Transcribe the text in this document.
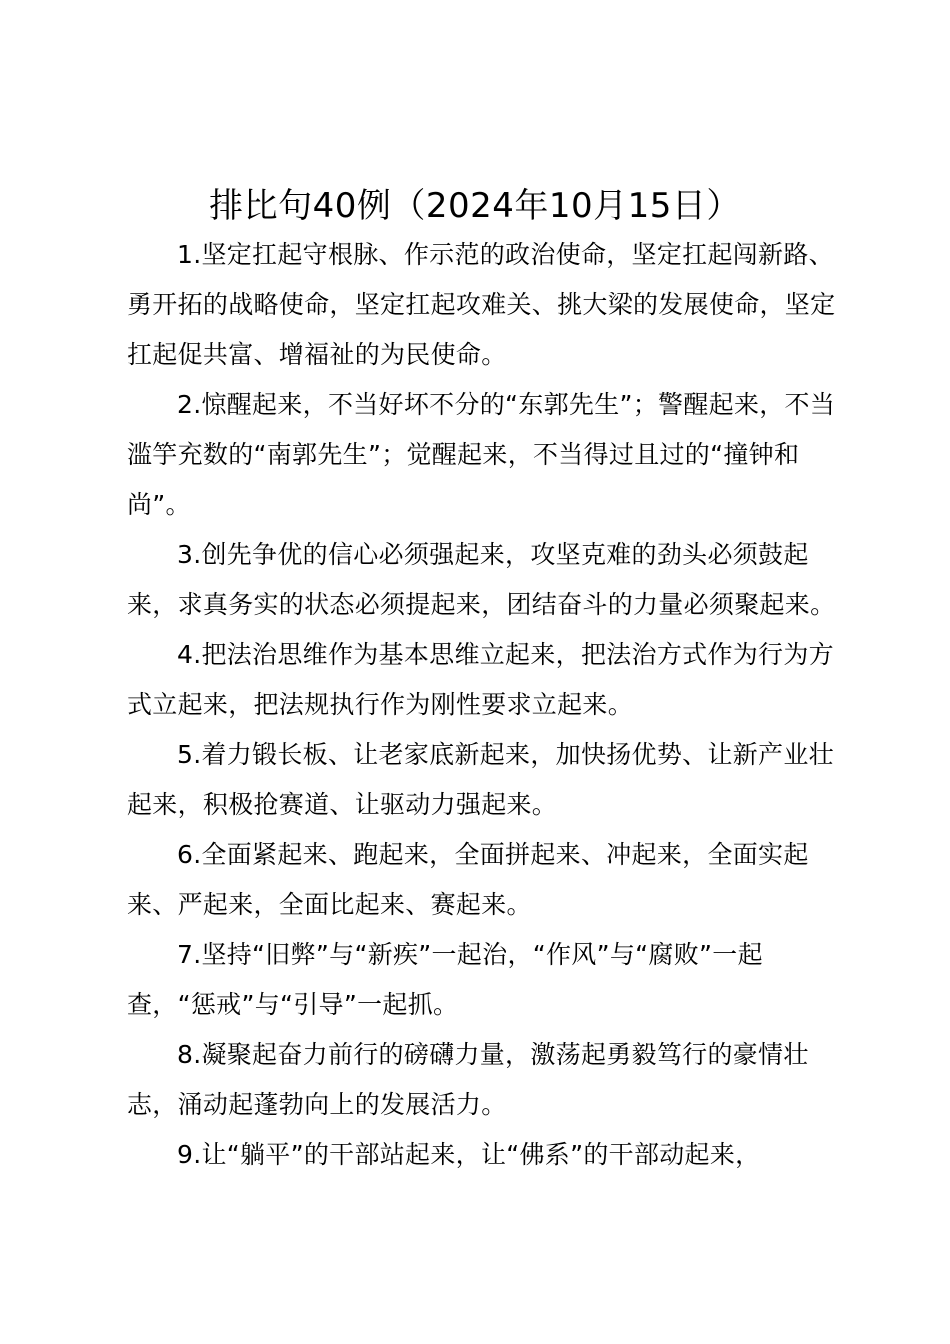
排比句40例（2024年10月15日）

1.坚定扛起守根脉、作示范的政治使命，坚定扛起闯新路、勇开拓的战略使命，坚定扛起攻难关、挑大梁的发展使命，坚定扛起促共富、增福祉的为民使命。

2.惊醒起来，不当好坏不分的“东郭先生”；警醒起来，不当滥竽充数的“南郭先生”；觉醒起来，不当得过且过的“撞钟和尚”。

3.创先争优的信心必须强起来，攻坚克难的劲头必须鼓起来，求真务实的状态必须提起来，团结奋斗的力量必须聚起来。

4.把法治思维作为基本思维立起来，把法治方式作为行为方式立起来，把法规执行作为刚性要求立起来。

5.着力锻长板、让老家底新起来，加快扬优势、让新产业壮起来，积极抢赛道、让驱动力强起来。

6.全面紧起来、跑起来，全面拼起来、冲起来，全面实起来、严起来，全面比起来、赛起来。

7.坚持“旧弊”与“新疾”一起治，“作风”与“腐败”一起查，“惩戒”与“引导”一起抓。

8.凝聚起奋力前行的磅礴力量，激荡起勇毅笃行的豪情壮志，涌动起蓬勃向上的发展活力。

9.让“躺平”的干部站起来，让“佛系”的干部动起来，
